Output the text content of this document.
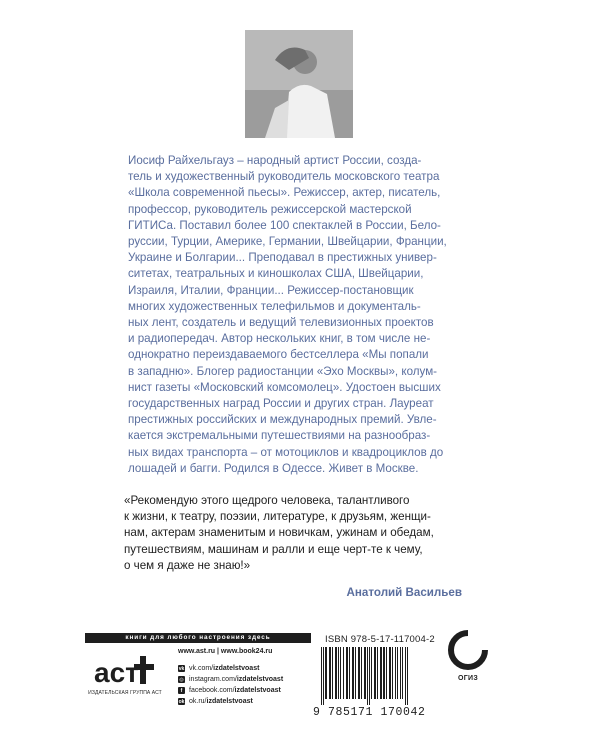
Иосиф Райхельгауз – народный артист России, созда-
тель и художественный руководитель московского театра
«Школа современной пьесы». Режиссер, актер, писатель,
профессор, руководитель режиссерской мастерской
ГИТИСа. Поставил более 100 спектаклей в России, Бело-
руссии, Турции, Америке, Германии, Швейцарии, Франции,
Украине и Болгарии... Преподавал в престижных универ-
ситетах, театральных и киношколах США, Швейцарии,
Израиля, Италии, Франции... Режиссер-постановщик
многих художественных телефильмов и документаль-
ных лент, создатель и ведущий телевизионных проектов
и радиопередач. Автор нескольких книг, в том числе не-
однократно переиздаваемого бестселлера «Мы попали
в западню». Блогер радиостанции «Эхо Москвы», колум-
нист газеты «Московский комсомолец». Удостоен высших
государственных наград России и других стран. Лауреат
престижных российских и международных премий. Увле-
кается экстремальными путешествиями на разнообраз-
ных видах транспорта – от мотоциклов и квадроциклов до
лошадей и багги. Родился в Одессе. Живет в Москве.

«Рекомендую этого щедрого человека, талантливого
к жизни, к театру, поэзии, литературе, к друзьям, женщи-
нам, актерам знаменитым и новичкам, ужинам и обедам,
путешествиям, машинам и ралли и еще черт-те к чему,
о чем я даже не знаю!»

Анатолий Васильев
книги для любого настроения здесь
аст
ИЗДАТЕЛЬСКАЯ ГРУППА АСТ
www.ast.ru | www.book24.ru
vk vk.com/ izdatelstvoast
◎ instagram.com/ izdatelstvoast
f facebook.com/ izdatelstvoast
ok ok.ru/ izdatelstvoast
ISBN 978-5-17-117004-2
9 785171 170042
ОГИЗ
